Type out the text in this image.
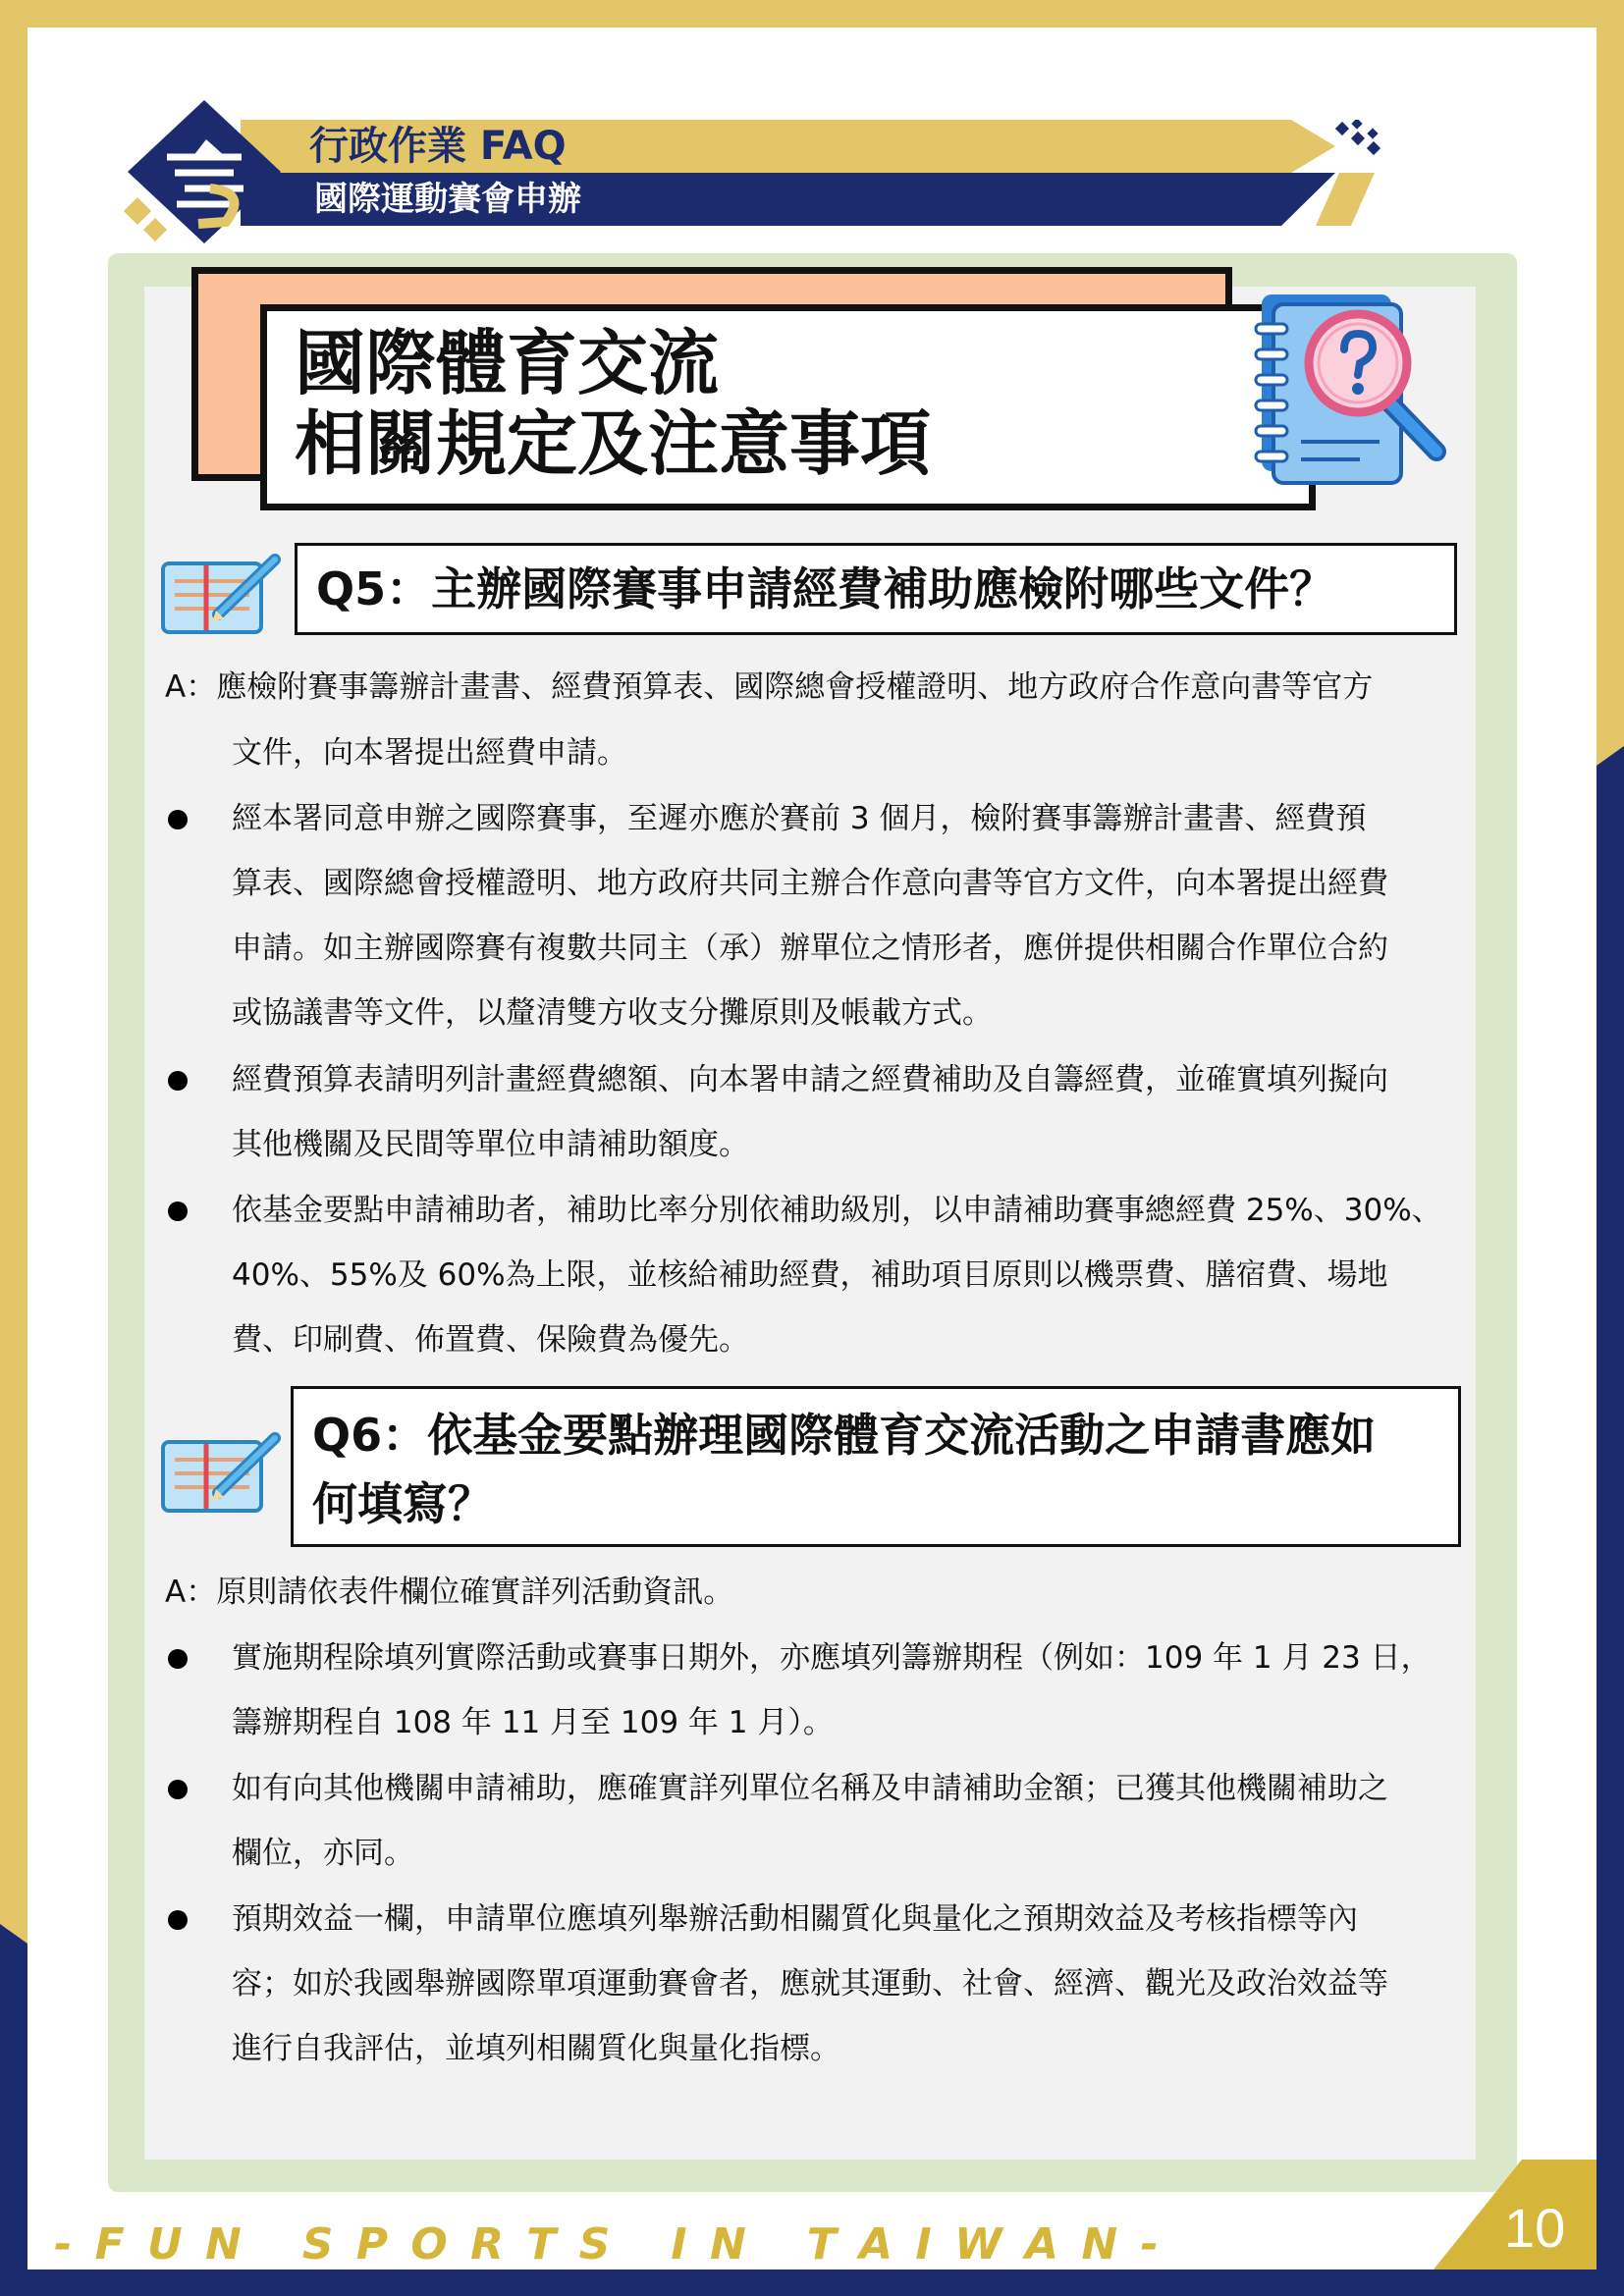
行政作業 FAQ
國際運動賽會申辦
國際體育交流
相關規定及注意事項
Q5：主辦國際賽事申請經費補助應檢附哪些文件？
A：應檢附賽事籌辦計畫書、經費預算表、國際總會授權證明、地方政府合作意向書等官方
文件，向本署提出經費申請。
經本署同意申辦之國際賽事，至遲亦應於賽前 3 個月，檢附賽事籌辦計畫書、經費預
算表、國際總會授權證明、地方政府共同主辦合作意向書等官方文件，向本署提出經費
申請。如主辦國際賽有複數共同主（承）辦單位之情形者，應併提供相關合作單位合約
或協議書等文件，以釐清雙方收支分攤原則及帳載方式。
經費預算表請明列計畫經費總額、向本署申請之經費補助及自籌經費，並確實填列擬向
其他機關及民間等單位申請補助額度。
依基金要點申請補助者，補助比率分別依補助級別，以申請補助賽事總經費 25%、30%、
40%、55%及 60%為上限，並核給補助經費，補助項目原則以機票費、膳宿費、場地
費、印刷費、佈置費、保險費為優先。
Q6：依基金要點辦理國際體育交流活動之申請書應如
何填寫？
A：原則請依表件欄位確實詳列活動資訊。
實施期程除填列實際活動或賽事日期外，亦應填列籌辦期程（例如：109 年 1 月 23 日，
籌辦期程自 108 年 11 月至 109 年 1 月）。
如有向其他機關申請補助，應確實詳列單位名稱及申請補助金額；已獲其他機關補助之
欄位，亦同。
預期效益一欄，申請單位應填列舉辦活動相關質化與量化之預期效益及考核指標等內
容；如於我國舉辦國際單項運動賽會者，應就其運動、社會、經濟、觀光及政治效益等
進行自我評估，並填列相關質化與量化指標。
- F U N   S P O R T S   I N   T A I W A N -	10
